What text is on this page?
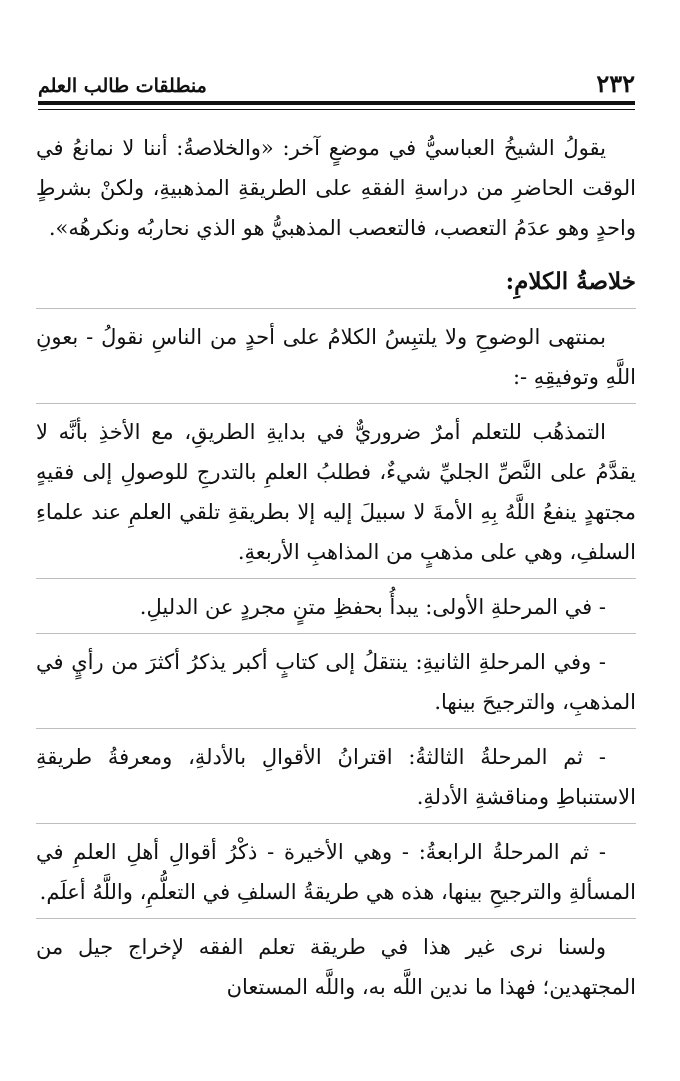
٢٣٢
منطلقات طالب العلم

يقولُ الشيخُ العباسيُّ في موضعٍ آخر: «والخلاصةُ: أننا لا نمانعُ في الوقت الحاضرِ من دراسةِ الفقهِ على الطريقةِ المذهبيةِ، ولكنْ بشرطٍ واحدٍ وهو عدَمُ التعصب، فالتعصب المذهبيُّ هو الذي نحاربُه ونكرهُه».

خلاصةُ الكلامِ:

بمنتهى الوضوحِ ولا يلتبِسُ الكلامُ على أحدٍ من الناسِ نقولُ - بعونِ اللَّهِ وتوفيقِهِ -:

التمذهُب للتعلم أمرٌ ضروريٌّ في بدايةِ الطريقِ، مع الأخذِ بأنَّه لا يقدَّمُ على النَّصِّ الجليِّ شيءٌ، فطلبُ العلمِ بالتدرجِ للوصولِ إلى فقيهٍ مجتهدٍ ينفعُ اللَّهُ بِهِ الأمةَ لا سبيلَ إليه إلا بطريقةِ تلقي العلمِ عند علماءِ السلفِ، وهي على مذهبٍ من المذاهبِ الأربعةِ.

- في المرحلةِ الأولى: يبدأُ بحفظِ متنٍ مجردٍ عن الدليلِ.

- وفي المرحلةِ الثانيةِ: ينتقلُ إلى كتابٍ أكبر يذكرُ أكثرَ من رأيٍ في المذهبِ، والترجيحَ بينها.

- ثم المرحلةُ الثالثةُ: اقترانُ الأقوالِ بالأدلةِ، ومعرفةُ طريقةِ الاستنباطِ ومناقشةِ الأدلةِ.

- ثم المرحلةُ الرابعةُ: - وهي الأخيرة - ذكْرُ أقوالِ أهلِ العلمِ في المسألةِ والترجيحِ بينها، هذه هي طريقةُ السلفِ في التعلُّمِ، واللَّهُ أعلَم.

ولسنا نرى غير هذا في طريقة تعلم الفقه لإخراج جيل من المجتهدين؛ فهذا ما ندين اللَّه به، واللَّه المستعان
